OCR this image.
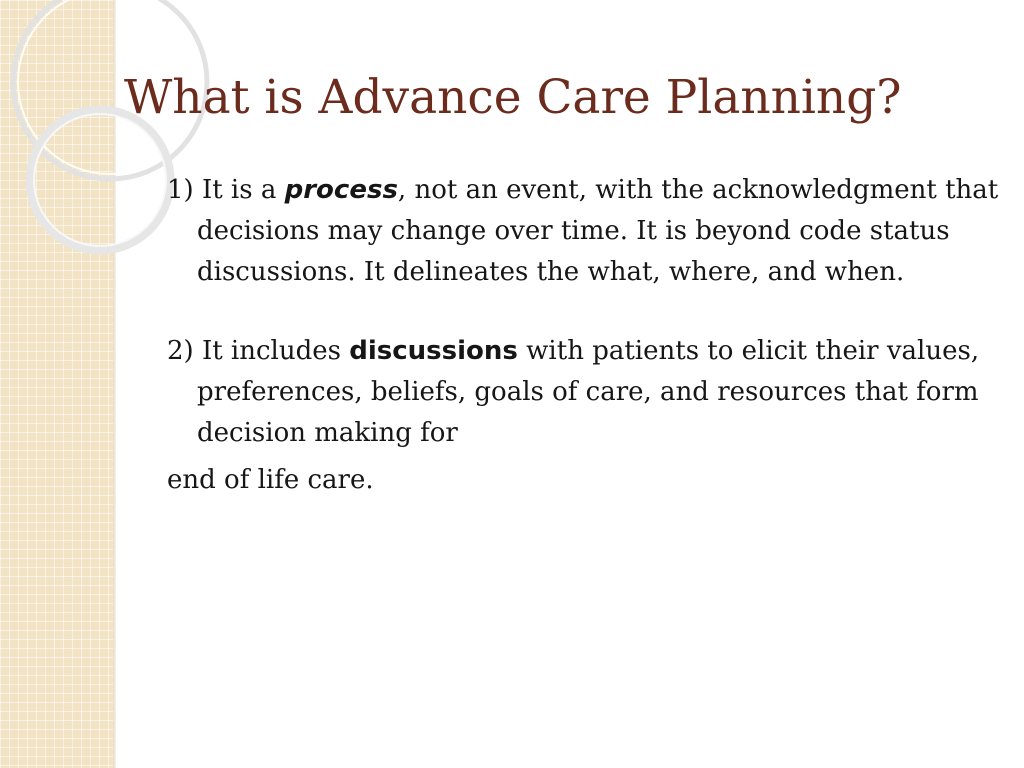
What is Advance Care Planning?

1) It is a process, not an event, with the acknowledgment that decisions may change over time. It is beyond code status discussions. It delineates the what, where, and when.

2) It includes discussions with patients to elicit their values, preferences, beliefs, goals of care, and resources that form decision making for
end of life care.
